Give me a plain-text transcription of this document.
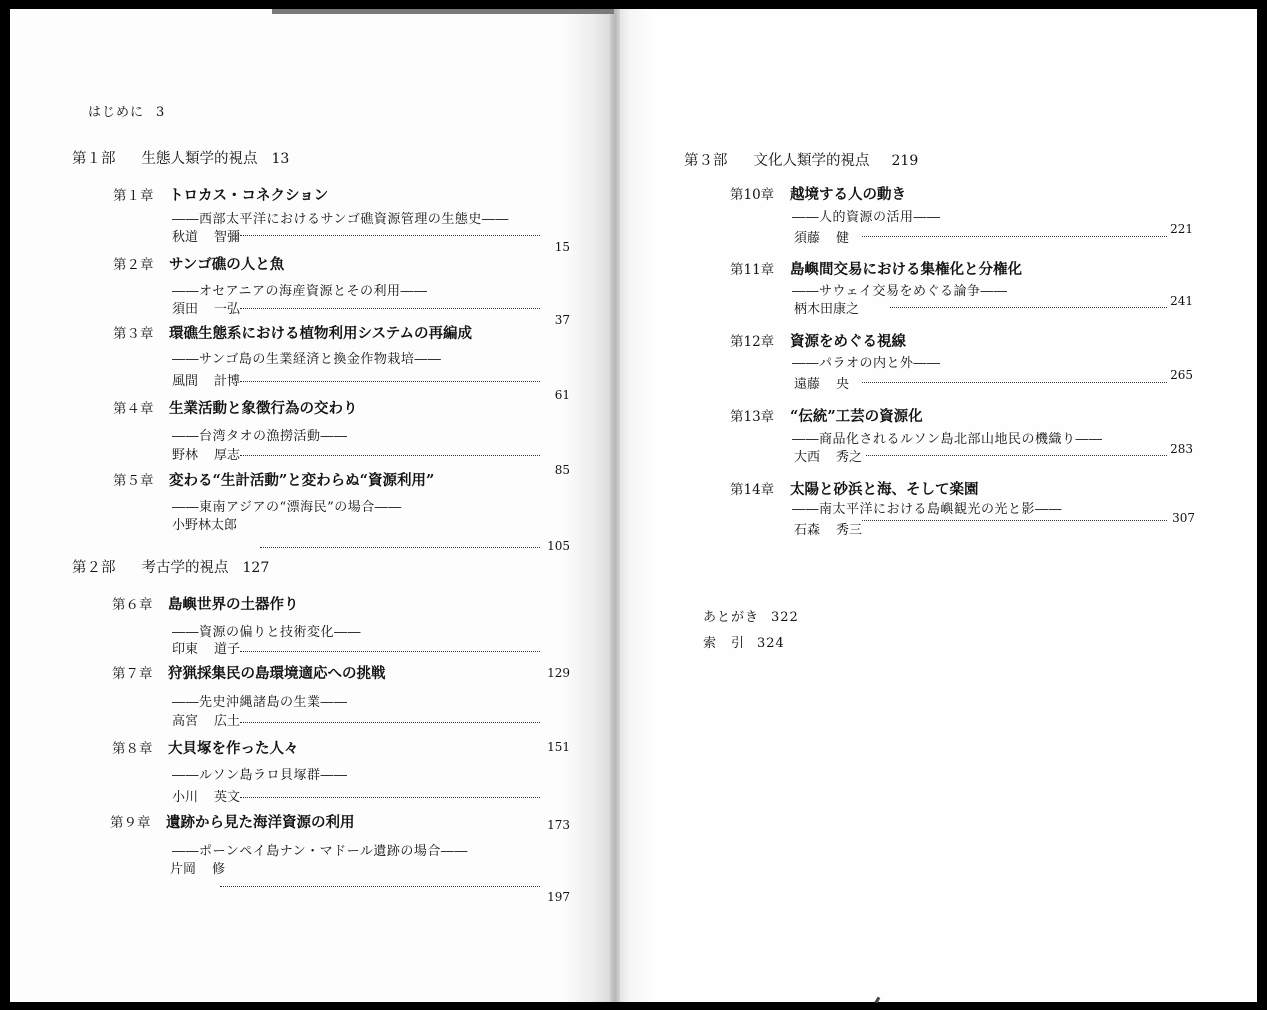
はじめに 3
第１部 生態人類学的視点 13
第１章 トロカス・コネクション
――西部太平洋におけるサンゴ礁資源管理の生態史――
秋道 智彌
15
第２章 サンゴ礁の人と魚
――オセアニアの海産資源とその利用――
須田 一弘
37
第３章 環礁生態系における植物利用システムの再編成
――サンゴ島の生業経済と換金作物栽培――
風間 計博
61
第４章 生業活動と象徴行為の交わり
――台湾タオの漁撈活動――
野林 厚志
85
第５章 変わる“生計活動”と変わらぬ“資源利用”
――東南アジアの“漂海民”の場合――
小野林太郎
105
第２部 考古学的視点 127
第６章 島嶼世界の土器作り
――資源の偏りと技術変化――
印東 道子
129
第７章 狩猟採集民の島環境適応への挑戦
――先史沖縄諸島の生業――
高宮 広土
151
第８章 大貝塚を作った人々
――ルソン島ラロ貝塚群――
小川 英文
173
第９章 遺跡から見た海洋資源の利用
――ポーンペイ島ナン・マドール遺跡の場合――
片岡 修
197
第３部 文化人類学的視点 219
第10章 越境する人の動き
――人的資源の活用――
須藤 健
221
第11章 島嶼間交易における集権化と分権化
――サウェイ交易をめぐる論争――
柄木田康之
241
第12章 資源をめぐる視線
――パラオの内と外――
遠藤 央
265
第13章 “伝統”工芸の資源化
――商品化されるルソン島北部山地民の機織り――
大西 秀之
283
第14章 太陽と砂浜と海、そして楽園
――南太平洋における島嶼観光の光と影――
石森 秀三
307
あとがき 322
索　引 324
